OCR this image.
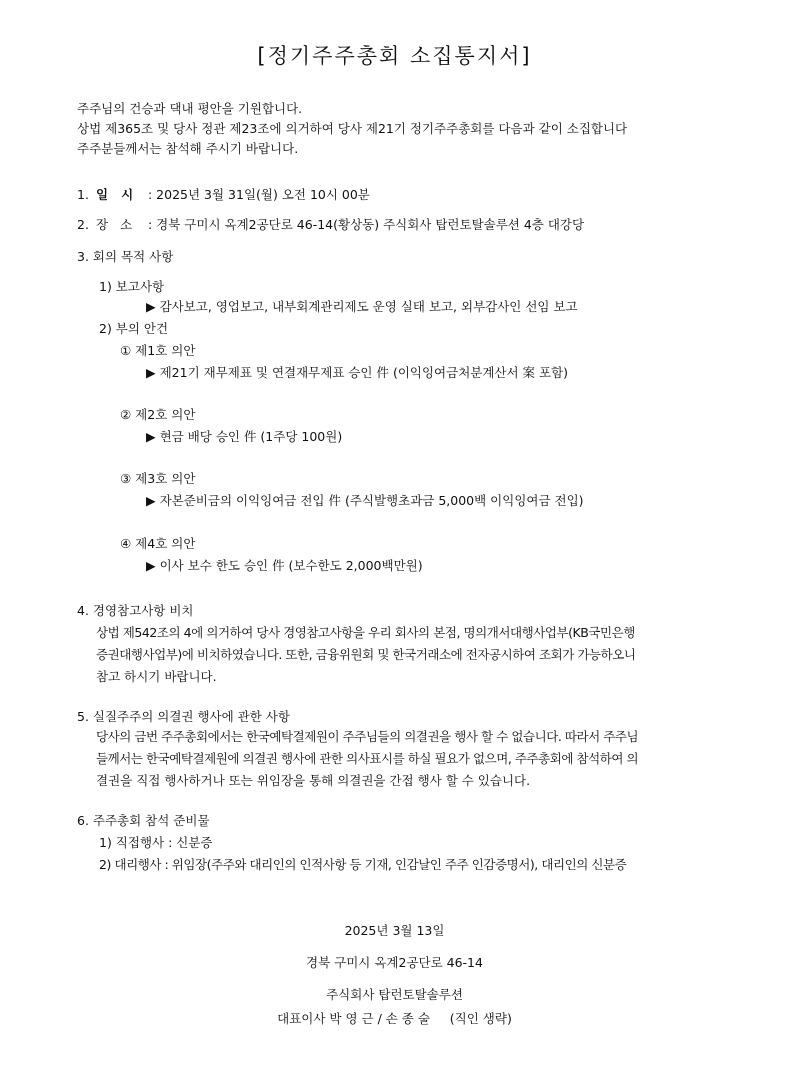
[정기주주총회 소집통지서]
주주님의 건승과 댁내 평안을 기원합니다.
상법 제365조 및 당사 정관 제23조에 의거하여 당사 제21기 정기주주총회를 다음과 같이 소집합니다
주주분들께서는 참석해 주시기 바랍니다.
1. 일   시 : 2025년 3월 31일(월) 오전 10시 00분
2. 장   소 : 경북 구미시 옥계2공단로 46-14(황상동) 주식회사 탑런토탈솔루션 4층 대강당
3. 회의 목적 사항
1) 보고사항
▶ 감사보고, 영업보고, 내부회계관리제도 운영 실태 보고, 외부감사인 선임 보고
2) 부의 안건
① 제1호 의안
▶ 제21기 재무제표 및 연결재무제표 승인 件 (이익잉여금처분계산서 案 포함)
② 제2호 의안
▶ 현금 배당 승인 件 (1주당 100원)
③ 제3호 의안
▶ 자본준비금의 이익잉여금 전입 件 (주식발행초과금 5,000백 이익잉여금 전입)
④ 제4호 의안
▶ 이사 보수 한도 승인 件 (보수한도 2,000백만원)
4. 경영참고사항 비치
상법 제542조의 4에 의거하여 당사 경영참고사항을 우리 회사의 본점, 명의개서대행사업부(KB국민은행
증권대행사업부)에 비치하였습니다. 또한, 금융위원회 및 한국거래소에 전자공시하여 조회가 가능하오니
참고 하시기 바랍니다.
5. 실질주주의 의결권 행사에 관한 사항
당사의 금번 주주총회에서는 한국예탁결제원이 주주님들의 의결권을 행사 할 수 없습니다. 따라서 주주님
들께서는 한국예탁결제원에 의결권 행사에 관한 의사표시를 하실 필요가 없으며, 주주총회에 참석하여 의
결권을 직접 행사하거나 또는 위임장을 통해 의결권을 간접 행사 할 수 있습니다.
6. 주주총회 참석 준비물
1) 직접행사 : 신분증
2) 대리행사 : 위임장(주주와 대리인의 인적사항 등 기재, 인감날인 주주 인감증명서), 대리인의 신분증
2025년 3월 13일
경북 구미시 옥계2공단로 46-14
주식회사 탑런토탈솔루션
대표이사 박 영 근 / 손 종 술     (직인 생략)
